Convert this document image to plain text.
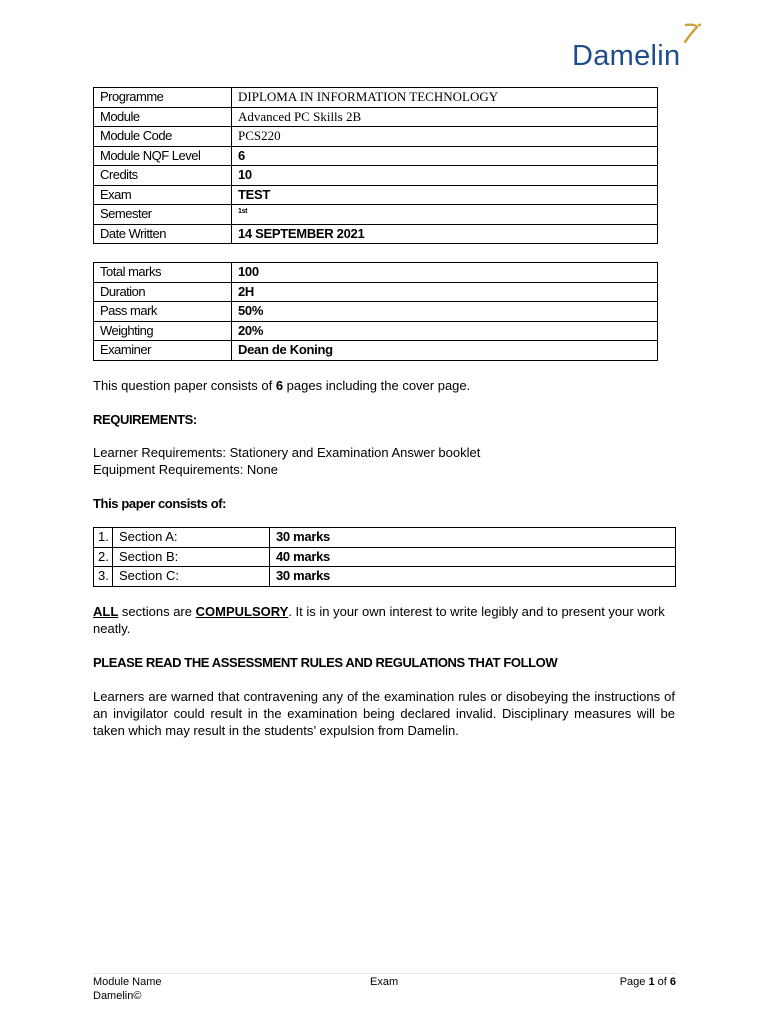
Damelin
Programme	DIPLOMA IN INFORMATION TECHNOLOGY
Module	Advanced PC Skills 2B
Module Code	PCS220
Module NQF Level	6
Credits	10
Exam	TEST
Semester	$^{1st}$
Date Written	14 SEPTEMBER 2021
Total marks	100
Duration	2H
Pass mark	50%
Weighting	20%
Examiner	Dean de Koning

This question paper consists of 6 pages including the cover page.

REQUIREMENTS:

Learner Requirements: Stationery and Examination Answer booklet

Equipment Requirements: None

This paper consists of:

1.	Section A:	30 marks
2.	Section B:	40 marks
3.	Section C:	30 marks

ALL sections are COMPULSORY. It is in your own interest to write legibly and to present your work neatly.

PLEASE READ THE ASSESSMENT RULES AND REGULATIONS THAT FOLLOW

Learners are warned that contravening any of the examination rules or disobeying the instructions of an invigilator could result in the examination being declared invalid. Disciplinary measures will be taken which may result in the students’ expulsion from Damelin.

Module Name	Exam	Page 1 of 6
Damelin©
